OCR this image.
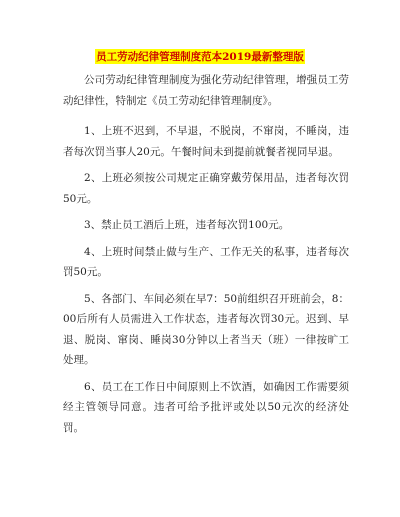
员工劳动纪律管理制度范本2019最新整理版

公司劳动纪律管理制度为强化劳动纪律管理，增强员工劳动纪律性，特制定《员工劳动纪律管理制度》。

1、上班不迟到，不早退，不脱岗，不窜岗，不睡岗，违者每次罚当事人20元。午餐时间未到提前就餐者视同早退。

2、上班必须按公司规定正确穿戴劳保用品，违者每次罚50元。

3、禁止员工酒后上班，违者每次罚100元。

4、上班时间禁止做与生产、工作无关的私事，违者每次罚50元。

5、各部门、车间必须在早7：50前组织召开班前会，8：00后所有人员需进入工作状态，违者每次罚30元。迟到、早退、脱岗、窜岗、睡岗30分钟以上者当天（班）一律按旷工处理。

6、员工在工作日中间原则上不饮酒，如确因工作需要须经主管领导同意。违者可给予批评或处以50元次的经济处罚。
